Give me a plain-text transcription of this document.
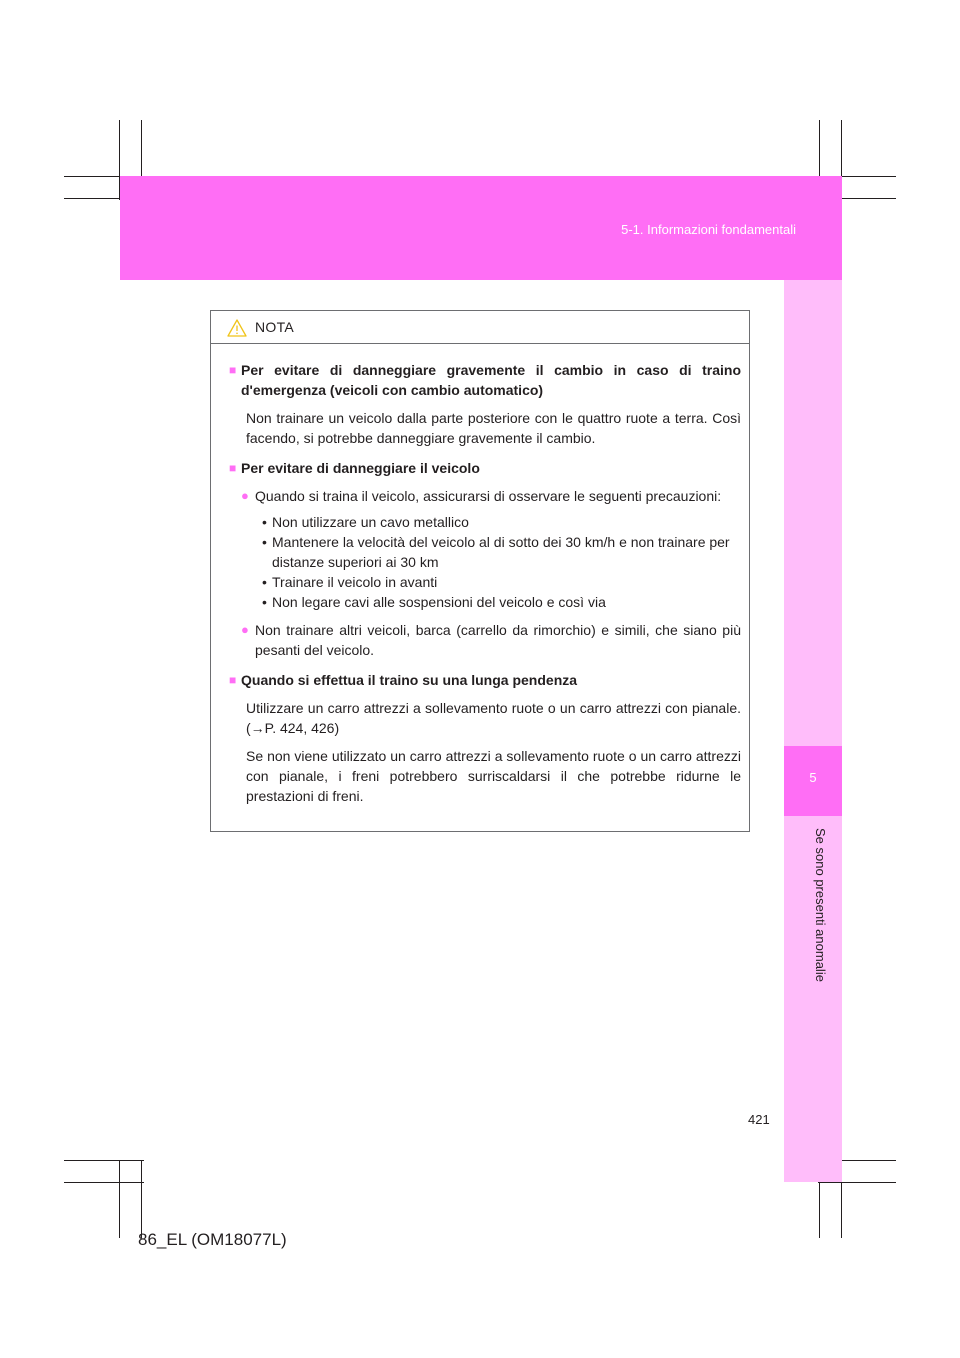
5-1. Informazioni fondamentali
5
Se sono presenti anomalie
NOTA
■ Per evitare di danneggiare gravemente il cambio in caso di traino d'emergenza (veicoli con cambio automatico)
Non trainare un veicolo dalla parte posteriore con le quattro ruote a terra. Così facendo, si potrebbe danneggiare gravemente il cambio.
■ Per evitare di danneggiare il veicolo
● Quando si traina il veicolo, assicurarsi di osservare le seguenti precauzioni:
• Non utilizzare un cavo metallico
• Mantenere la velocità del veicolo al di sotto dei 30 km/h e non trainare per distanze superiori ai 30 km
• Trainare il veicolo in avanti
• Non legare cavi alle sospensioni del veicolo e così via
● Non trainare altri veicoli, barca (carrello da rimorchio) e simili, che siano più pesanti del veicolo.
■ Quando si effettua il traino su una lunga pendenza
Utilizzare un carro attrezzi a sollevamento ruote o un carro attrezzi con pianale. (→P. 424, 426)
Se non viene utilizzato un carro attrezzi a sollevamento ruote o un carro attrezzi con pianale, i freni potrebbero surriscaldarsi il che potrebbe ridurne le prestazioni di freni.
421
86_EL (OM18077L)
